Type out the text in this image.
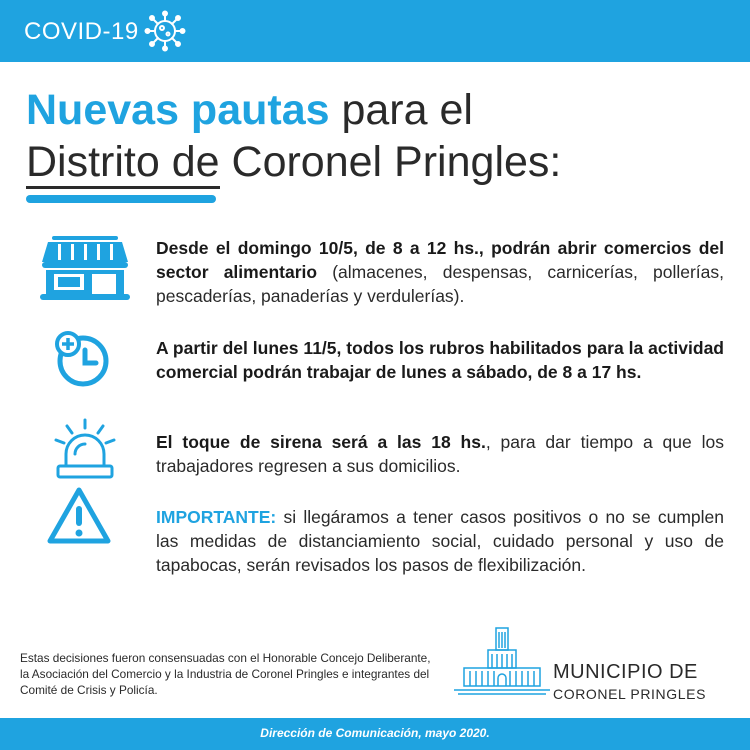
COVID-19
Nuevas pautas para el
Distrito de Coronel Pringles:
Desde el domingo 10/5, de 8 a 12 hs., podrán abrir comercios del sector alimentario (almacenes, despensas, carnicerías, pollerías, pescaderías, panaderías y verdulerías).
A partir del lunes 11/5, todos los rubros habilitados para la actividad comercial podrán trabajar de lunes a sábado, de 8 a 17 hs.
El toque de sirena será a las 18 hs., para dar tiempo a que los trabajadores regresen a sus domicilios.
IMPORTANTE: si llegáramos a tener casos positivos o no se cumplen las medidas de distanciamiento social, cuidado personal y uso de tapabocas, serán revisados los pasos de flexibilización.
Estas decisiones fueron consensuadas con el Honorable Concejo Deliberante, la Asociación del Comercio y la Industria de Coronel Pringles e integrantes del Comité de Crisis y Policía.
MUNICIPIO DE
CORONEL PRINGLES
Dirección de Comunicación, mayo 2020.
